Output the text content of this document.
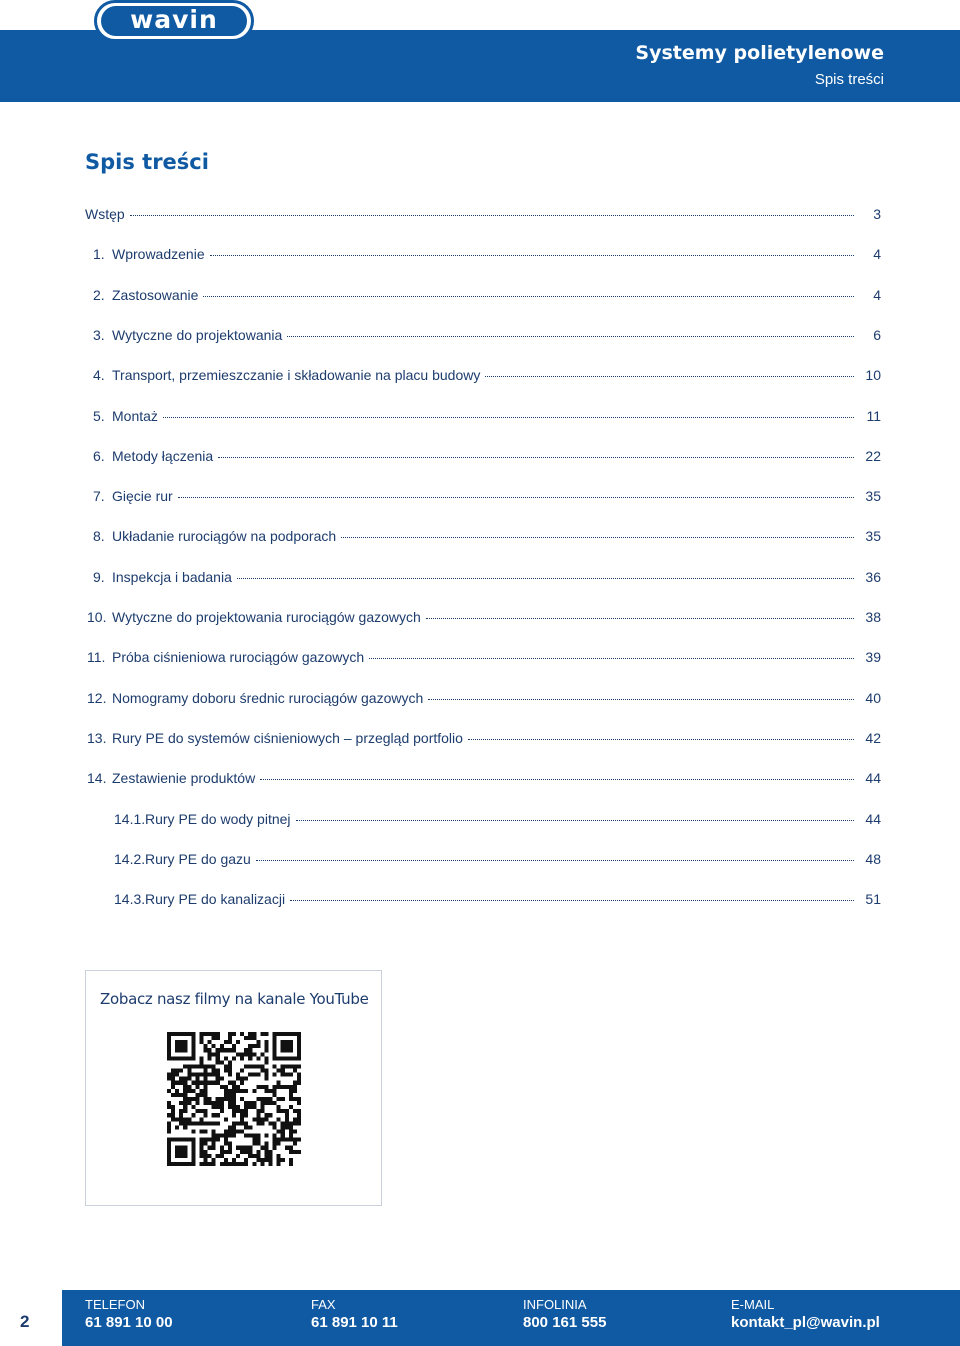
wavin
Systemy polietylenowe
Spis treści
Spis treści
Wstęp	3
1. Wprowadzenie	4
2. Zastosowanie	4
3. Wytyczne do projektowania	6
4. Transport, przemieszczanie i składowanie na placu budowy	10
5. Montaż	11
6. Metody łączenia	22
7. Gięcie rur	35
8. Układanie rurociągów na podporach	35
9. Inspekcja i badania	36
10. Wytyczne do projektowania rurociągów gazowych	38
11. Próba ciśnieniowa rurociągów gazowych	39
12. Nomogramy doboru średnic rurociągów gazowych	40
13. Rury PE do systemów ciśnieniowych – przegląd portfolio	42
14. Zestawienie produktów	44
14.1. Rury PE do wody pitnej	44
14.2. Rury PE do gazu	48
14.3. Rury PE do kanalizacji	51
Zobacz nasz filmy na kanale YouTube
2
TELEFON
61 891 10 00
FAX
61 891 10 11
INFOLINIA
800 161 555
E-MAIL
kontakt_pl@wavin.pl
